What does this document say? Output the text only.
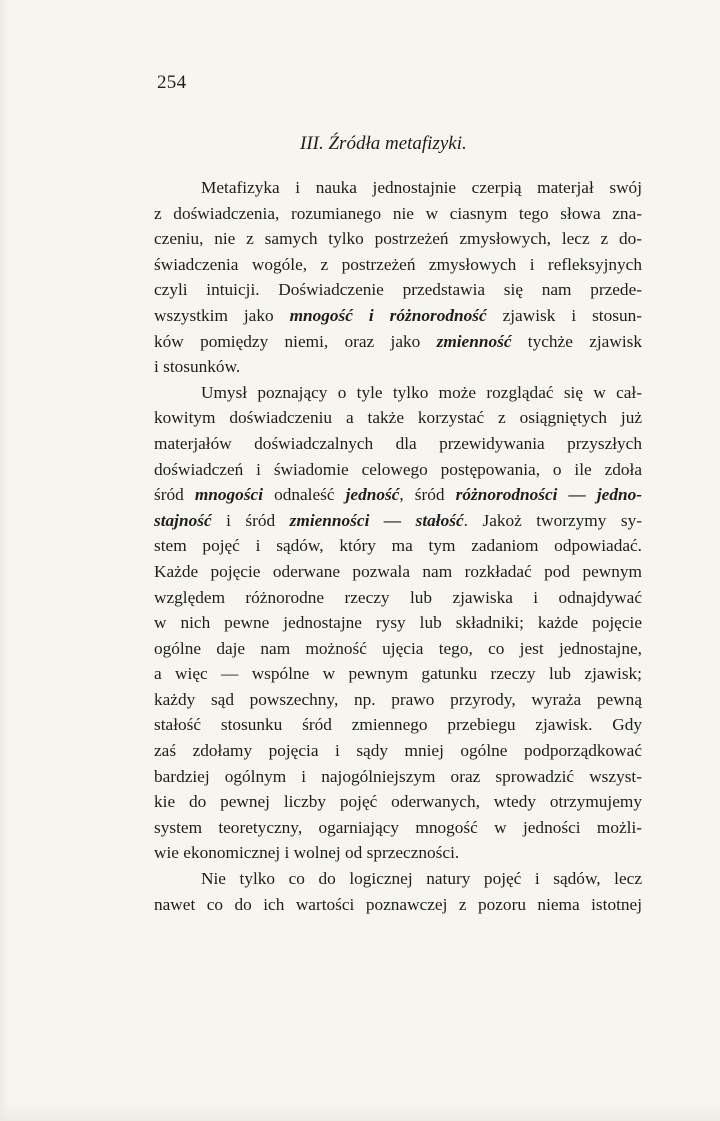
254
III. Źródła metafizyki.
Metafizyka i nauka jednostajnie czerpią materjał swój
z doświadczenia, rozumianego nie w ciasnym tego słowa zna-
czeniu, nie z samych tylko postrzeżeń zmysłowych, lecz z do-
świadczenia wogóle, z postrzeżeń zmysłowych i refleksyjnych
czyli intuicji. Doświadczenie przedstawia się nam przede-
wszystkim jako mnogość i różnorodność zjawisk i stosun-
ków pomiędzy niemi, oraz jako zmienność tychże zjawisk
i stosunków.
Umysł poznający o tyle tylko może rozglądać się w cał-
kowitym doświadczeniu a także korzystać z osiągniętych już
materjałów doświadczalnych dla przewidywania przyszłych
doświadczeń i świadomie celowego postępowania, o ile zdoła
śród mnogości odnaleść jedność, śród różnorodności — jedno-
stajność i śród zmienności — stałość. Jakoż tworzymy sy-
stem pojęć i sądów, który ma tym zadaniom odpowiadać.
Każde pojęcie oderwane pozwala nam rozkładać pod pewnym
względem różnorodne rzeczy lub zjawiska i odnajdywać
w nich pewne jednostajne rysy lub składniki; każde pojęcie
ogólne daje nam możność ujęcia tego, co jest jednostajne,
a więc — wspólne w pewnym gatunku rzeczy lub zjawisk;
każdy sąd powszechny, np. prawo przyrody, wyraża pewną
stałość stosunku śród zmiennego przebiegu zjawisk. Gdy
zaś zdołamy pojęcia i sądy mniej ogólne podporządkować
bardziej ogólnym i najogólniejszym oraz sprowadzić wszyst-
kie do pewnej liczby pojęć oderwanych, wtedy otrzymujemy
system teoretyczny, ogarniający mnogość w jedności możli-
wie ekonomicznej i wolnej od sprzeczności.
Nie tylko co do logicznej natury pojęć i sądów, lecz
nawet co do ich wartości poznawczej z pozoru niema istotnej
